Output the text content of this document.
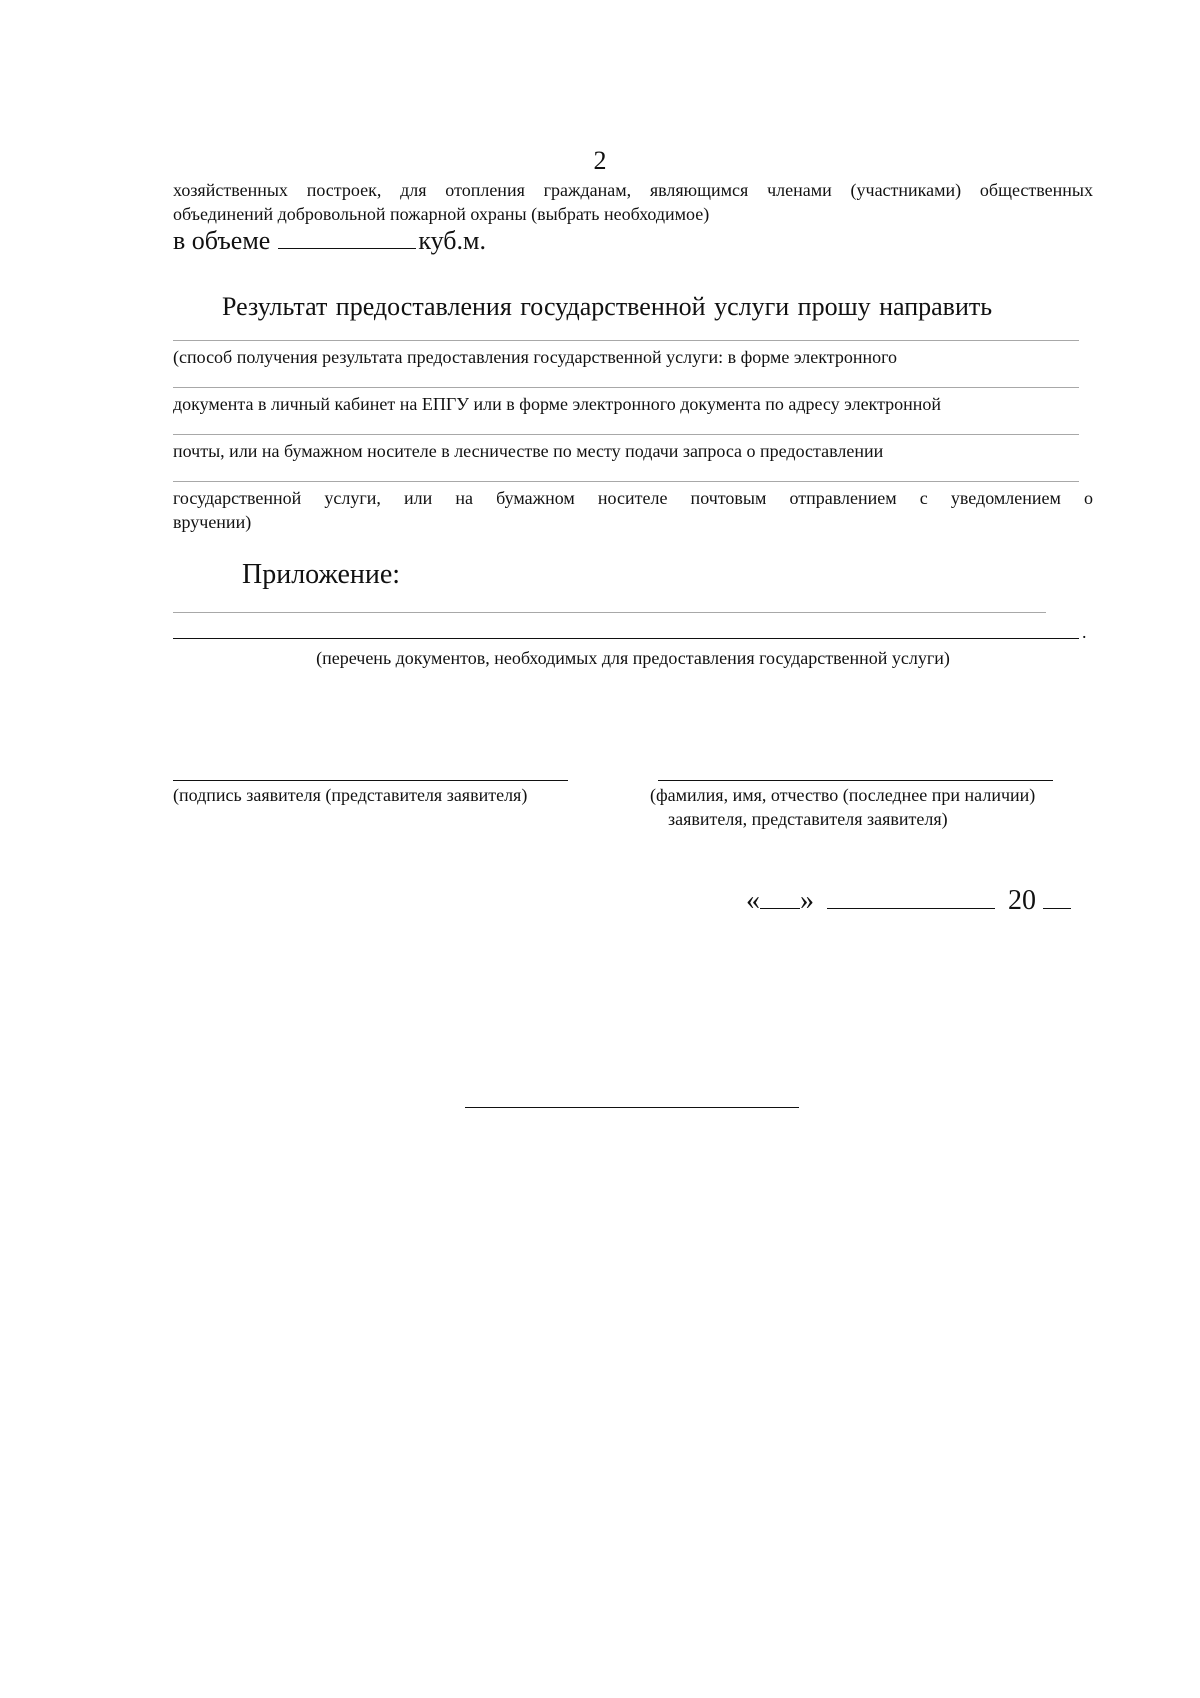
2
хозяйственных построек, для отопления гражданам, являющимся членами (участниками) общественных
объединений добровольной пожарной охраны (выбрать необходимое)
в объеме	куб.м.
Результат предоставления государственной услуги прошу направить
(способ получения результата предоставления государственной услуги: в форме электронного
документа в личный кабинет на ЕПГУ или в форме электронного документа по адресу электронной
почты, или на бумажном носителе в лесничестве по месту подачи запроса о предоставлении
государственной услуги, или на бумажном носителе почтовым отправлением с уведомлением о
вручении)
Приложение:
.
(перечень документов, необходимых для предоставления государственной услуги)
(подпись заявителя (представителя заявителя)	(фамилия, имя, отчество (последнее при наличии)
заявителя, представителя заявителя)
« »	20
